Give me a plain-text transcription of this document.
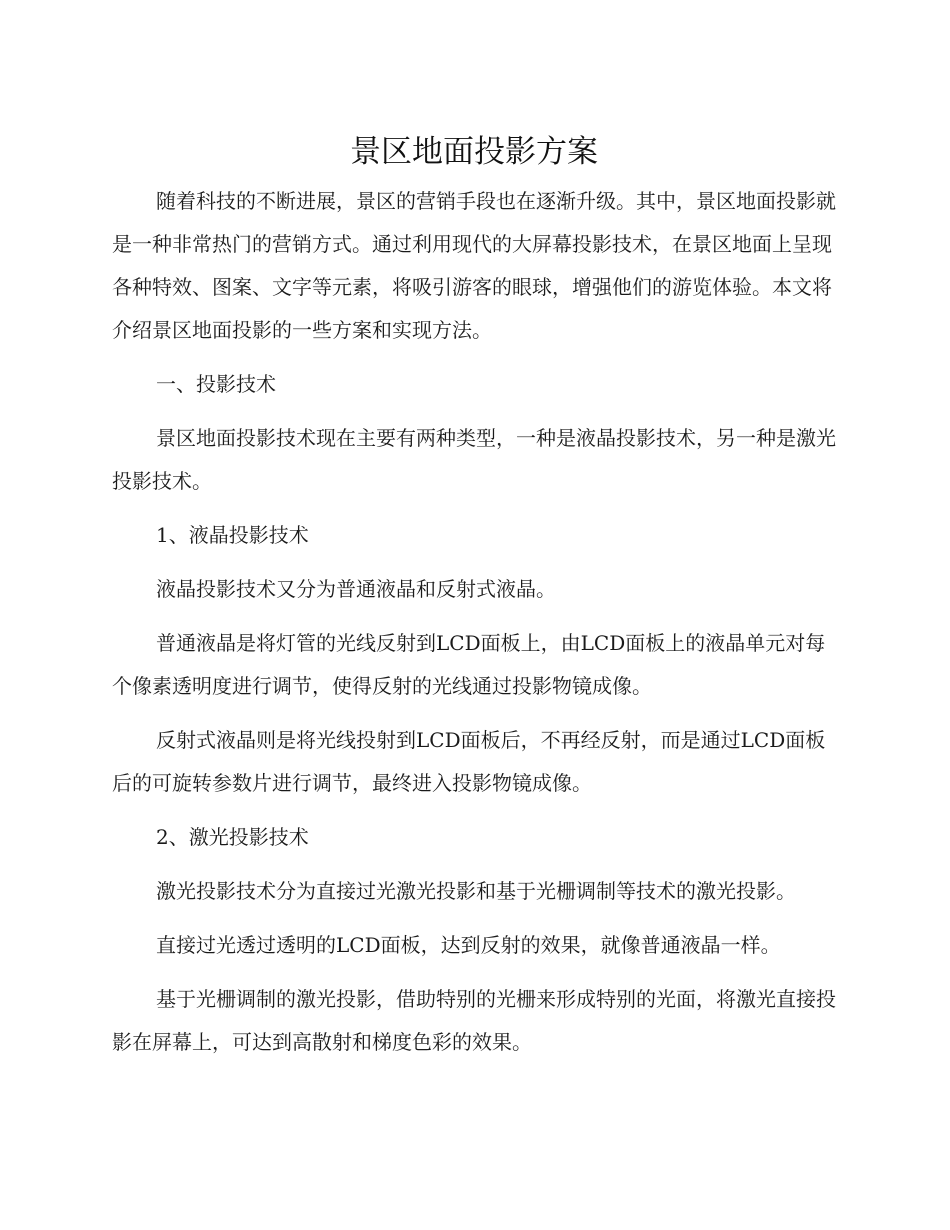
景区地面投影方案

随着科技的不断进展，景区的营销手段也在逐渐升级。其中，景区地面投影就是一种非常热门的营销方式。通过利用现代的大屏幕投影技术，在景区地面上呈现各种特效、图案、文字等元素，将吸引游客的眼球，增强他们的游览体验。本文将介绍景区地面投影的一些方案和实现方法。

一、投影技术

景区地面投影技术现在主要有两种类型，一种是液晶投影技术，另一种是激光投影技术。

1、液晶投影技术

液晶投影技术又分为普通液晶和反射式液晶。

普通液晶是将灯管的光线反射到LCD面板上，由LCD面板上的液晶单元对每个像素透明度进行调节，使得反射的光线通过投影物镜成像。

反射式液晶则是将光线投射到LCD面板后，不再经反射，而是通过LCD面板后的可旋转参数片进行调节，最终进入投影物镜成像。

2、激光投影技术

激光投影技术分为直接过光激光投影和基于光栅调制等技术的激光投影。

直接过光透过透明的LCD面板，达到反射的效果，就像普通液晶一样。

基于光栅调制的激光投影，借助特别的光栅来形成特别的光面，将激光直接投影在屏幕上，可达到高散射和梯度色彩的效果。
